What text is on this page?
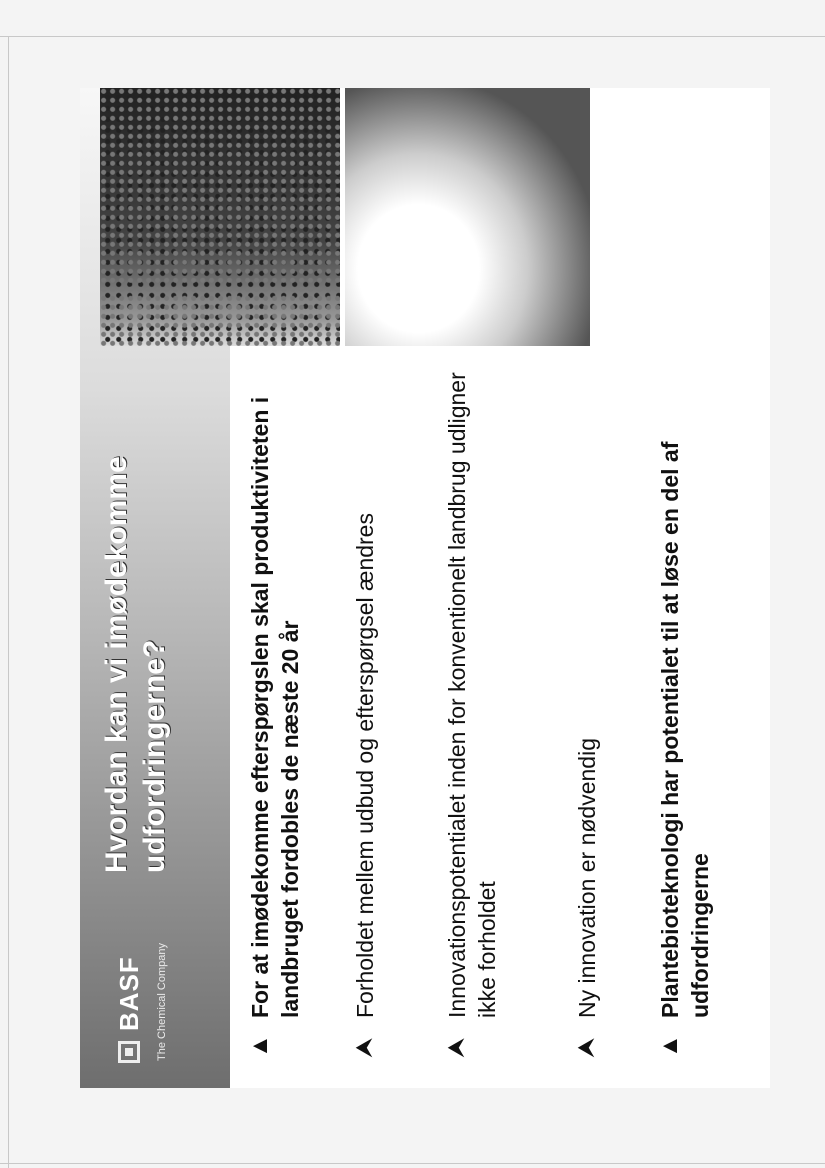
BASF The Chemical Company
Hvordan kan vi imødekomme udfordringerne?
▲
For at imødekomme efterspørgslen skal produktiviteten i landbruget fordobles de næste 20 år
⮝
Forholdet mellem udbud og efterspørgsel ændres
⮝
Innovationspotentialet inden for konventionelt landbrug udligner ikke forholdet
⮝
Ny innovation er nødvendig
▲
Plantebioteknologi har potentialet til at løse en del af udfordringerne
